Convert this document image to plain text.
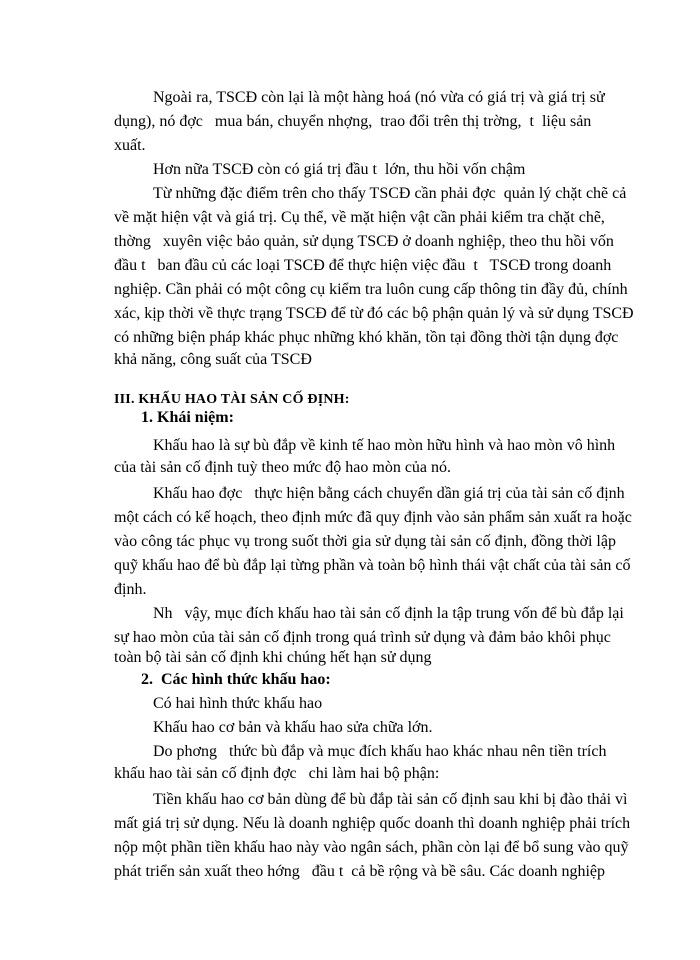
Ngoài ra, TSCĐ còn lại là một hàng hoá (nó vừa có giá trị và giá trị sử
dụng), nó đợc   mua bán, chuyển nhợng,  trao đổi trên thị trờng,  t  liệu sản
xuất.
Hơn nữa TSCĐ còn có giá trị đầu t  lớn, thu hồi vốn chậm
Từ những đặc điểm trên cho thấy TSCĐ cần phải đợc  quản lý chặt chẽ cả
về mặt hiện vật và giá trị. Cụ thể, về mặt hiện vật cần phải kiểm tra chặt chẽ,
thờng   xuyên việc bảo quản, sử dụng TSCĐ ở doanh nghiệp, theo thu hồi vốn
đầu t   ban đầu củ các loại TSCĐ để thực hiện việc đầu  t   TSCĐ trong doanh
nghiệp. Cần phải có một công cụ kiểm tra luôn cung cấp thông tin đầy đủ, chính
xác, kịp thời về thực trạng TSCĐ để từ đó các bộ phận quản lý và sử dụng TSCĐ
có những biện pháp khác phục những khó khăn, tồn tại đồng thời tận dụng đợc
khả năng, công suất của TSCĐ
III. KHẤU HAO TÀI SẢN CỐ ĐỊNH:
1. Khái niệm:
Khấu hao là sự bù đắp về kinh tế hao mòn hữu hình và hao mòn vô hình
của tài sản cố định tuỳ theo mức độ hao mòn của nó.
Khấu hao đợc   thực hiện bằng cách chuyển dần giá trị của tài sản cố định
một cách có kế hoạch, theo định mức đã quy định vào sản phẩm sản xuất ra hoặc
vào công tác phục vụ trong suốt thời gia sử dụng tài sản cố định, đồng thời lập
quỹ khấu hao để bù đắp lại từng phần và toàn bộ hình thái vật chất của tài sản cố
định.
Nh   vậy, mục đích khấu hao tài sản cố định la tập trung vốn để bù đắp lại
sự hao mòn của tài sản cố định trong quá trình sử dụng và đảm bảo khôi phục
toàn bộ tài sản cố định khi chúng hết hạn sử dụng
2.  Các hình thức khấu hao:
Có hai hình thức khấu hao
Khấu hao cơ bản và khấu hao sửa chữa lớn.
Do phơng   thức bù đắp và mục đích khấu hao khác nhau nên tiền trích
khấu hao tài sản cố định đợc   chi làm hai bộ phận:
Tiền khấu hao cơ bản dùng để bù đắp tài sản cố định sau khi bị đào thải vì
mất giá trị sử dụng. Nếu là doanh nghiệp quốc doanh thì doanh nghiệp phải trích
nộp một phần tiền khấu hao này vào ngân sách, phần còn lại để bổ sung vào quỹ
phát triển sản xuất theo hớng   đầu t  cả bề rộng và bề sâu. Các doanh nghiệp
